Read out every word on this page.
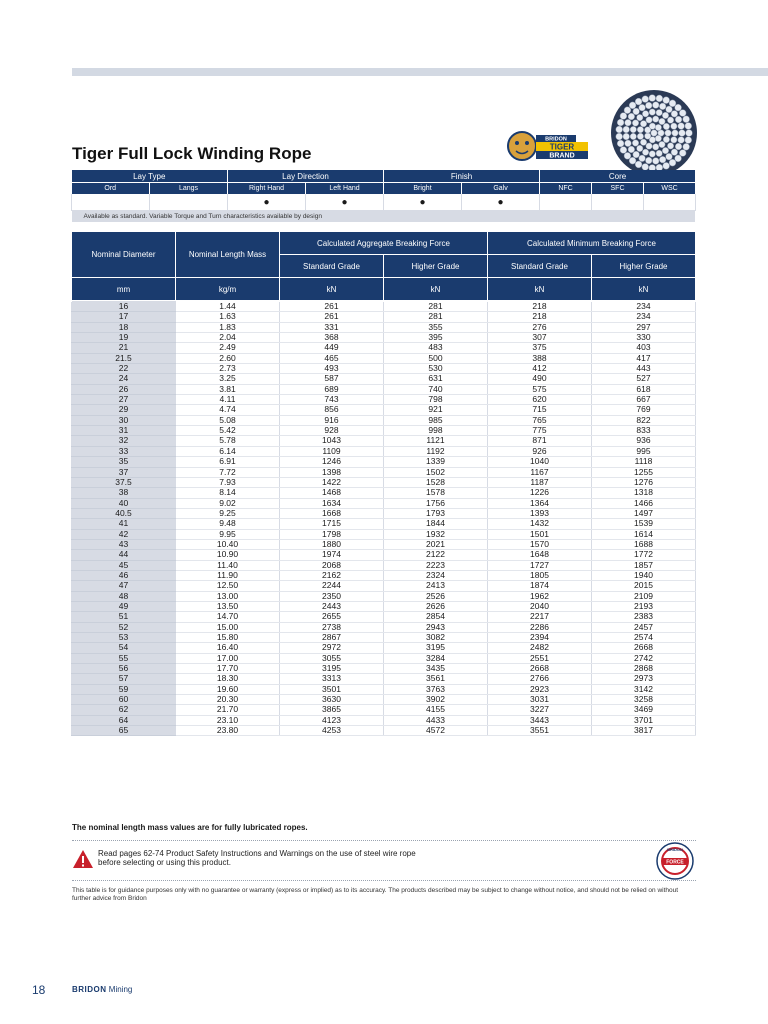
BRIDON
TIGER
BRAND
Tiger Full Lock Winding Rope
Lay Type		Lay Direction		Finish		Core		
Ord	Langs	Right Hand	Left Hand	Bright	Galv	NFC	SFC	WSC
		●	●	●	●			
Available as standard. Variable Torque and Turn characteristics available by design								
Nominal Diameter	Nominal Length Mass	Calculated Aggregate Breaking Force		Calculated Minimum Breaking Force	
		Standard Grade	Higher Grade	Standard Grade	Higher Grade
mm	kg/m	kN	kN	kN	kN

16	1.44	261	281	218	234
17	1.63	261	281	218	234
18	1.83	331	355	276	297
19	2.04	368	395	307	330
21	2.49	449	483	375	403
21.5	2.60	465	500	388	417
22	2.73	493	530	412	443
24	3.25	587	631	490	527
26	3.81	689	740	575	618
27	4.11	743	798	620	667
29	4.74	856	921	715	769
30	5.08	916	985	765	822
31	5.42	928	998	775	833
32	5.78	1043	1121	871	936
33	6.14	1109	1192	926	995
35	6.91	1246	1339	1040	1118
37	7.72	1398	1502	1167	1255
37.5	7.93	1422	1528	1187	1276
38	8.14	1468	1578	1226	1318
40	9.02	1634	1756	1364	1466
40.5	9.25	1668	1793	1393	1497
41	9.48	1715	1844	1432	1539
42	9.95	1798	1932	1501	1614
43	10.40	1880	2021	1570	1688
44	10.90	1974	2122	1648	1772
45	11.40	2068	2223	1727	1857
46	11.90	2162	2324	1805	1940
47	12.50	2244	2413	1874	2015
48	13.00	2350	2526	1962	2109
49	13.50	2443	2626	2040	2193
51	14.70	2655	2854	2217	2383
52	15.00	2738	2943	2286	2457
53	15.80	2867	3082	2394	2574
54	16.40	2972	3195	2482	2668
55	17.00	3055	3284	2551	2742
56	17.70	3195	3435	2668	2868
57	18.30	3313	3561	2766	2973
59	19.60	3501	3763	2923	3142
60	20.30	3630	3902	3031	3258
62	21.70	3865	4155	3227	3469
64	23.10	4123	4433	3443	3701
65	23.80	4253	4572	3551	3817

The nominal length mass values are for fully lubricated ropes.

Read pages 62-74 Product Safety Instructions and Warnings on the use of steel wire rope
before selecting or using this product.
BRIDON
FORCE

This table is for guidance purposes only with no guarantee or warranty (express or implied) as to its accuracy. The products described may be subject to change without notice, and should not be relied on without further advice from Bridon

18	BRIDON Mining
